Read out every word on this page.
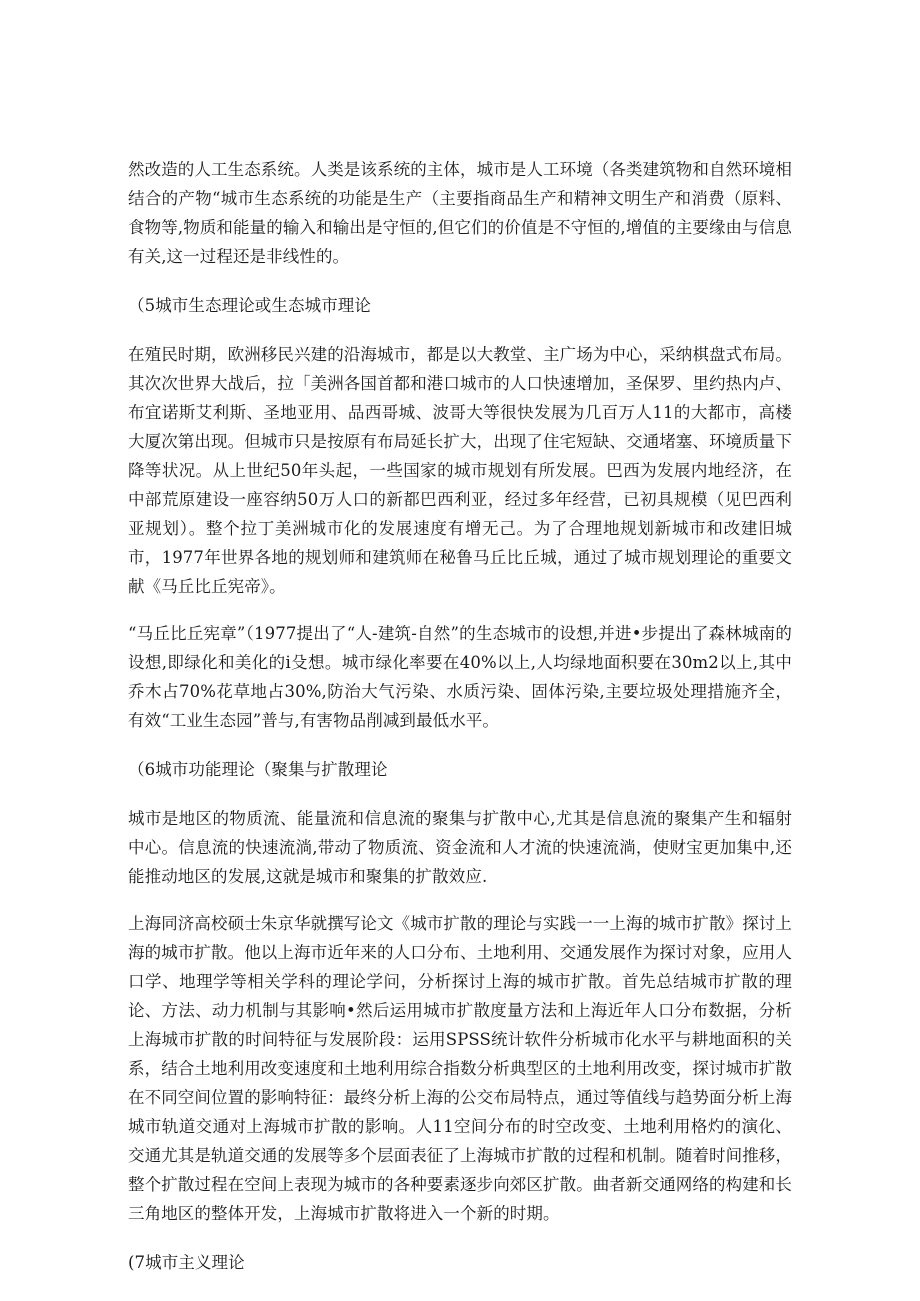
然改造的人工生态系统。人类是该系统的主体，城市是人工环境（各类建筑物和自然环境相结合的产物“城市生态系统的功能是生产（主要指商品生产和精神文明生产和消费（原料、食物等,物质和能量的输入和输出是守恒的,但它们的价值是不守恒的,增值的主要缘由与信息有关,这一过程还是非线性的。

（5城市生态理论或生态城市理论

在殖民时期，欧洲移民兴建的沿海城市，都是以大教堂、主广场为中心，采纳棋盘式布局。其次次世界大战后，拉「美洲各国首都和港口城市的人口快速增加，圣保罗、里约热内卢、布宜诺斯艾利斯、圣地亚用、品西哥城、波哥大等很快发展为几百万人11的大都市，高楼大厦次第出现。但城市只是按原有布局延长扩大，出现了住宅短缺、交通堵塞、环境质量下降等状况。从上世纪50年头起，一些国家的城市规划有所发展。巴西为发展内地经济，在中部荒原建设一座容纳50万人口的新都巴西利亚，经过多年经营，已初具规模（见巴西利亚规划）。整个拉丁美洲城市化的发展速度有增无己。为了合理地规划新城市和改建旧城市，1977年世界各地的规划师和建筑师在秘鲁马丘比丘城，通过了城市规划理论的重要文献《马丘比丘宪帝》。

“马丘比丘宪章”（1977提出了“人-建筑-自然”的生态城市的设想,并进•步提出了森林城南的设想,即绿化和美化的i殳想。城市绿化率要在40%以上,人均绿地面积要在30m2以上,其中乔木占70%花草地占30%,防治大气污染、水质污染、固体污染,主要垃圾处理措施齐全，有效“工业生态园”普与,有害物品削减到最低水平。

（6城市功能理论（聚集与扩散理论

城市是地区的物质流、能量流和信息流的聚集与扩散中心,尤其是信息流的聚集产生和辐射中心。信息流的快速流淌,带动了物质流、资金流和人才流的快速流淌，使财宝更加集中,还能推动地区的发展,这就是城市和聚集的扩散效应.

上海同济高校硕士朱京华就撰写论文《城市扩散的理论与实践一一上海的城市扩散》探讨上海的城市扩散。他以上海市近年来的人口分布、土地利用、交通发展作为探讨对象，应用人口学、地理学等相关学科的理论学问，分析探讨上海的城市扩散。首先总结城市扩散的理论、方法、动力机制与其影响•然后运用城市扩散度量方法和上海近年人口分布数据，分析上海城市扩散的时间特征与发展阶段：运用SPSS统计软件分析城市化水平与耕地面积的关系，结合土地利用改变速度和土地利用综合指数分析典型区的土地利用改变，探讨城市扩散在不同空间位置的影响特征：最终分析上海的公交布局特点，通过等值线与趋势面分析上海城市轨道交通对上海城市扩散的影响。人11空间分布的时空改变、土地利用格灼的演化、交通尤其是轨道交通的发展等多个层面表征了上海城市扩散的过程和机制。随着时间推移，整个扩散过程在空间上表现为城市的各种要素逐步向郊区扩散。曲者新交通网络的构建和长三角地区的整体开发，上海城市扩散将进入一个新的时期。

(7城市主义理论
